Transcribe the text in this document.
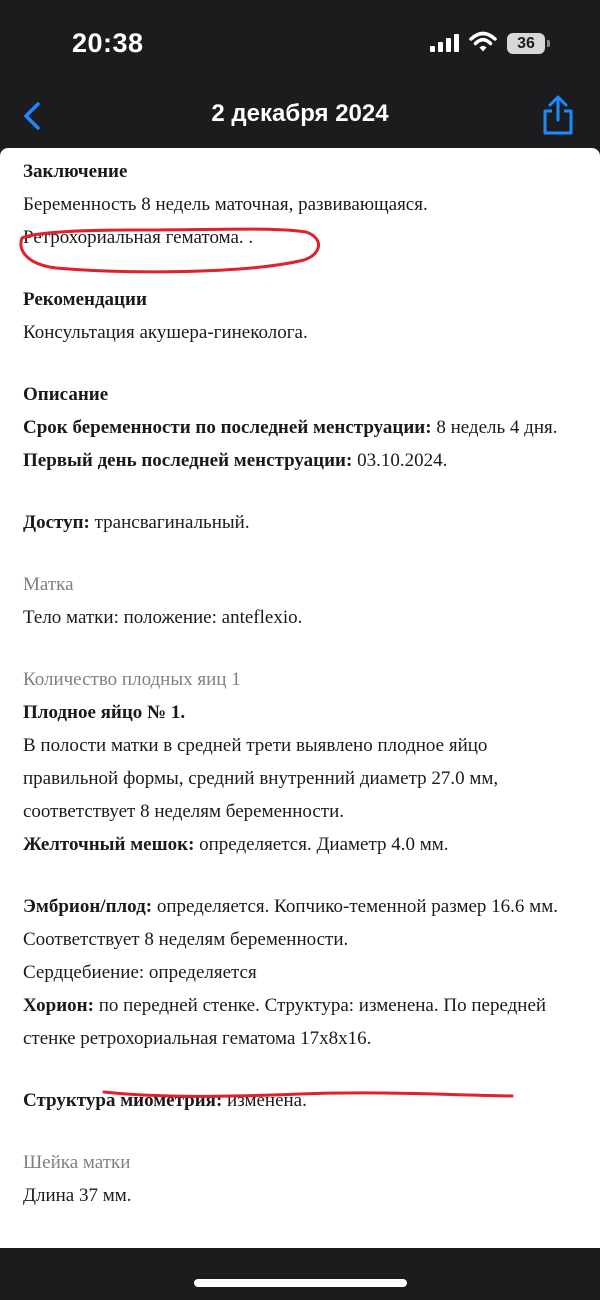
20:38	36
2 декабря 2024

Заключение

Беременность 8 недель маточная, развивающаяся.

Ретрохориальная гематома. .

Рекомендации

Консультация акушера-гинеколога.

Описание

Срок беременности по последней менструации: 8 недель 4 дня.

Первый день последней менструации: 03.10.2024.

Доступ: трансвагинальный.

Матка

Тело матки: положение: anteflexio.

Количество плодных яиц 1

Плодное яйцо № 1.

В полости матки в средней трети выявлено плодное яйцо правильной формы, средний внутренний диаметр 27.0 мм, соответствует 8 неделям беременности.

Желточный мешок: определяется. Диаметр 4.0 мм.

Эмбрион/плод: определяется. Копчико-теменной размер 16.6 мм. Соответствует 8 неделям беременности.

Сердцебиение: определяется

Хорион: по передней стенке. Структура: изменена. По передней стенке ретрохориальная гематома 17x8x16.

Структура миометрия: изменена.

Шейка матки

Длина 37 мм.
